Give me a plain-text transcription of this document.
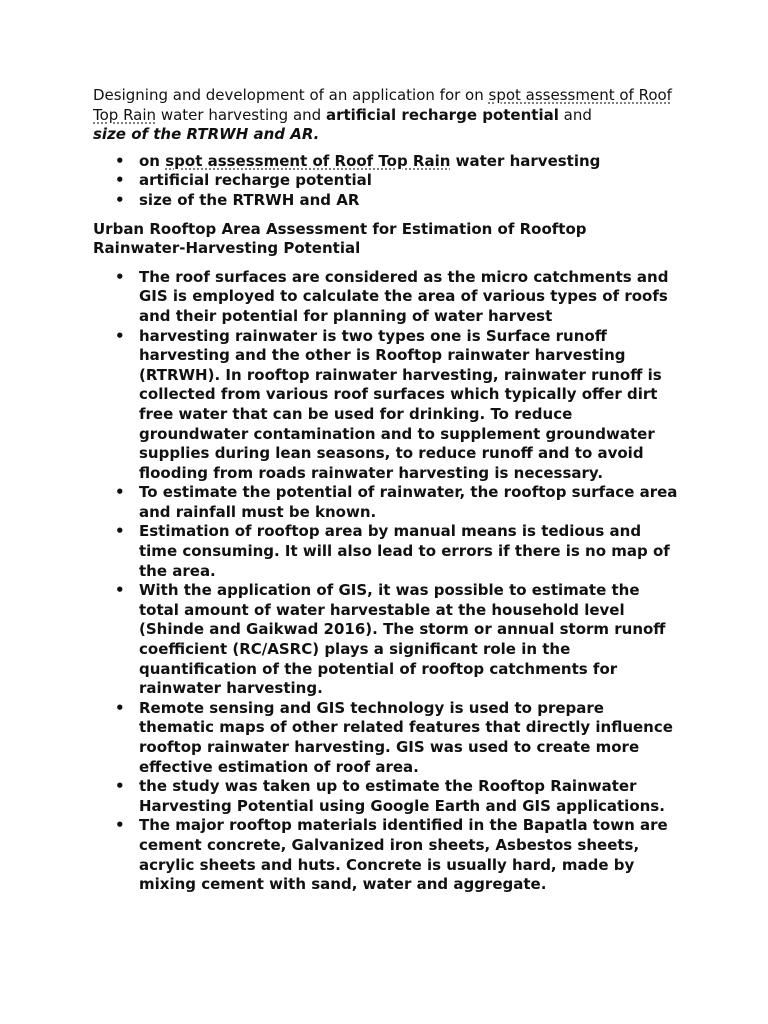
Designing and development of an application for on spot assessment of Roof Top Rain water harvesting and artificial recharge potential and
size of the RTRWH and AR.

• on spot assessment of Roof Top Rain water harvesting
• artificial recharge potential
• size of the RTRWH and AR

Urban Rooftop Area Assessment for Estimation of Rooftop Rainwater-Harvesting Potential

• The roof surfaces are considered as the micro catchments and GIS is employed to calculate the area of various types of roofs and their potential for planning of water harvest
• harvesting rainwater is two types one is Surface runoff harvesting and the other is Rooftop rainwater harvesting (RTRWH). In rooftop rainwater harvesting, rainwater runoff is collected from various roof surfaces which typically offer dirt free water that can be used for drinking. To reduce groundwater contamination and to supplement groundwater supplies during lean seasons, to reduce runoff and to avoid flooding from roads rainwater harvesting is necessary.
• To estimate the potential of rainwater, the rooftop surface area and rainfall must be known.
• Estimation of rooftop area by manual means is tedious and time consuming. It will also lead to errors if there is no map of the area.
• With the application of GIS, it was possible to estimate the total amount of water harvestable at the household level (Shinde and Gaikwad 2016). The storm or annual storm runoff coefficient (RC/ASRC) plays a significant role in the quantification of the potential of rooftop catchments for rainwater harvesting.
• Remote sensing and GIS technology is used to prepare thematic maps of other related features that directly influence rooftop rainwater harvesting. GIS was used to create more effective estimation of roof area.
• the study was taken up to estimate the Rooftop Rainwater Harvesting Potential using Google Earth and GIS applications.
• The major rooftop materials identified in the Bapatla town are cement concrete, Galvanized iron sheets, Asbestos sheets, acrylic sheets and huts. Concrete is usually hard, made by mixing cement with sand, water and aggregate.
